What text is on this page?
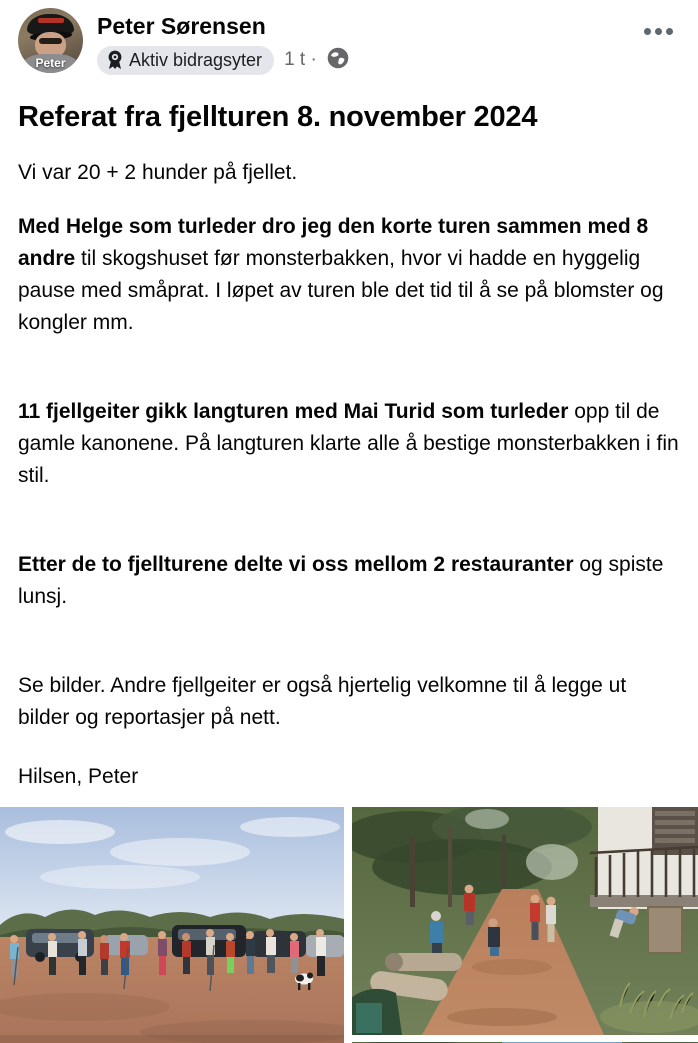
Peter
Peter Sørensen
Aktiv bidragsyter 1 t ·
Referat fra fjellturen 8. november 2024

Vi var 20 + 2 hunder på fjellet.

Med Helge som turleder dro jeg den korte turen sammen med 8 andre til skogshuset før monsterbakken, hvor vi hadde en hyggelig pause med småprat. I løpet av turen ble det tid til å se på blomster og kongler mm.

11 fjellgeiter gikk langturen med Mai Turid som turleder opp til de gamle kanonene. På langturen klarte alle å bestige monsterbakken i fin stil.

Etter de to fjellturene delte vi oss mellom 2 restauranter og spiste lunsj.

Se bilder. Andre fjellgeiter er også hjertelig velkomne til å legge ut bilder og reportasjer på nett.

Hilsen, Peter
